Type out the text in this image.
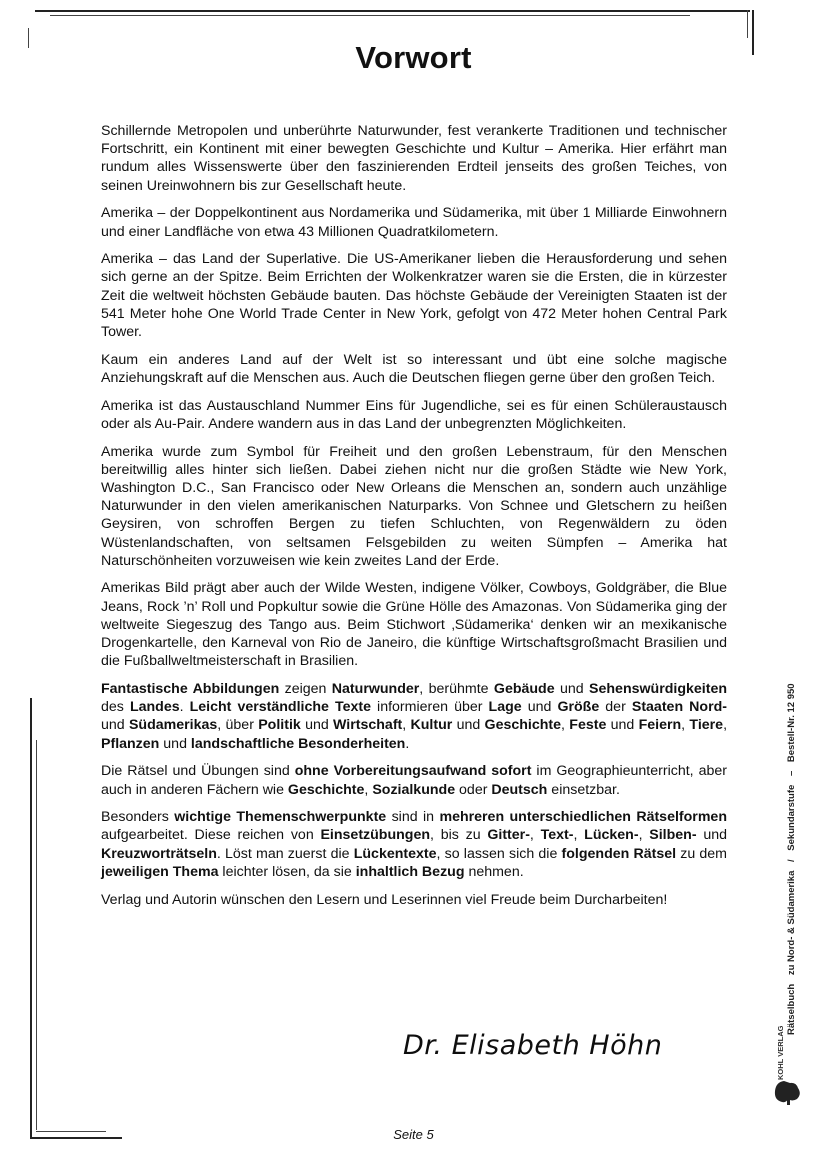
Vorwort

Schillernde Metropolen und unberührte Naturwunder, fest verankerte Traditionen und technischer Fortschritt, ein Kontinent mit einer bewegten Geschichte und Kultur – Amerika. Hier erfährt man rundum alles Wissenswerte über den faszinierenden Erdteil jenseits des großen Teiches, von seinen Ureinwohnern bis zur Gesellschaft heute.

Amerika – der Doppelkontinent aus Nordamerika und Südamerika, mit über 1 Milliarde Einwohnern und einer Landfläche von etwa 43 Millionen Quadratkilometern.

Amerika – das Land der Superlative. Die US-Amerikaner lieben die Herausforderung und sehen sich gerne an der Spitze. Beim Errichten der Wolkenkratzer waren sie die Ersten, die in kürzester Zeit die weltweit höchsten Gebäude bauten. Das höchste Gebäude der Vereinigten Staaten ist der 541 Meter hohe One World Trade Center in New York, gefolgt von 472 Meter hohen Central Park Tower.

Kaum ein anderes Land auf der Welt ist so interessant und übt eine solche magische Anziehungskraft auf die Menschen aus. Auch die Deutschen fliegen gerne über den großen Teich.

Amerika ist das Austauschland Nummer Eins für Jugendliche, sei es für einen Schüleraustausch oder als Au-Pair. Andere wandern aus in das Land der unbegrenzten Möglichkeiten.

Amerika wurde zum Symbol für Freiheit und den großen Lebenstraum, für den Menschen bereitwillig alles hinter sich ließen. Dabei ziehen nicht nur die großen Städte wie New York, Washington D.C., San Francisco oder New Orleans die Menschen an, sondern auch unzählige Naturwunder in den vielen amerikanischen Naturparks. Von Schnee und Gletschern zu heißen Geysiren, von schroffen Bergen zu tiefen Schluchten, von Regenwäldern zu öden Wüstenlandschaften, von seltsamen Felsgebilden zu weiten Sümpfen – Amerika hat Naturschönheiten vorzuweisen wie kein zweites Land der Erde.

Amerikas Bild prägt aber auch der Wilde Westen, indigene Völker, Cowboys, Goldgräber, die Blue Jeans, Rock ’n’ Roll und Popkultur sowie die Grüne Hölle des Amazonas. Von Südamerika ging der weltweite Siegeszug des Tango aus. Beim Stichwort ‚Südamerika‘ denken wir an mexikanische Drogenkartelle, den Karneval von Rio de Janeiro, die künftige Wirtschaftsgroßmacht Brasilien und die Fußballweltmeisterschaft in Brasilien.

Fantastische Abbildungen zeigen Naturwunder, berühmte Gebäude und Sehenswürdigkeiten des Landes. Leicht verständliche Texte informieren über Lage und Größe der Staaten Nord- und Südamerikas, über Politik und Wirtschaft, Kultur und Geschichte, Feste und Feiern, Tiere, Pflanzen und landschaftliche Besonderheiten.

Die Rätsel und Übungen sind ohne Vorbereitungsaufwand sofort im Geographieunterricht, aber auch in anderen Fächern wie Geschichte, Sozialkunde oder Deutsch einsetzbar.

Besonders wichtige Themenschwerpunkte sind in mehreren unterschiedlichen Rätselformen aufgearbeitet. Diese reichen von Einsetzübungen, bis zu Gitter-, Text-, Lücken-, Silben- und Kreuzworträtseln. Löst man zuerst die Lückentexte, so lassen sich die folgenden Rätsel zu dem jeweiligen Thema leichter lösen, da sie inhaltlich Bezug nehmen.

Verlag und Autorin wünschen den Lesern und Leserinnen viel Freude beim Durcharbeiten!

Dr. Elisabeth Höhn
Seite 5
Rätselbuch zu Nord- & Südamerika / Sekundarstufe – Bestell-Nr. 12 950
KOHL VERLAG
